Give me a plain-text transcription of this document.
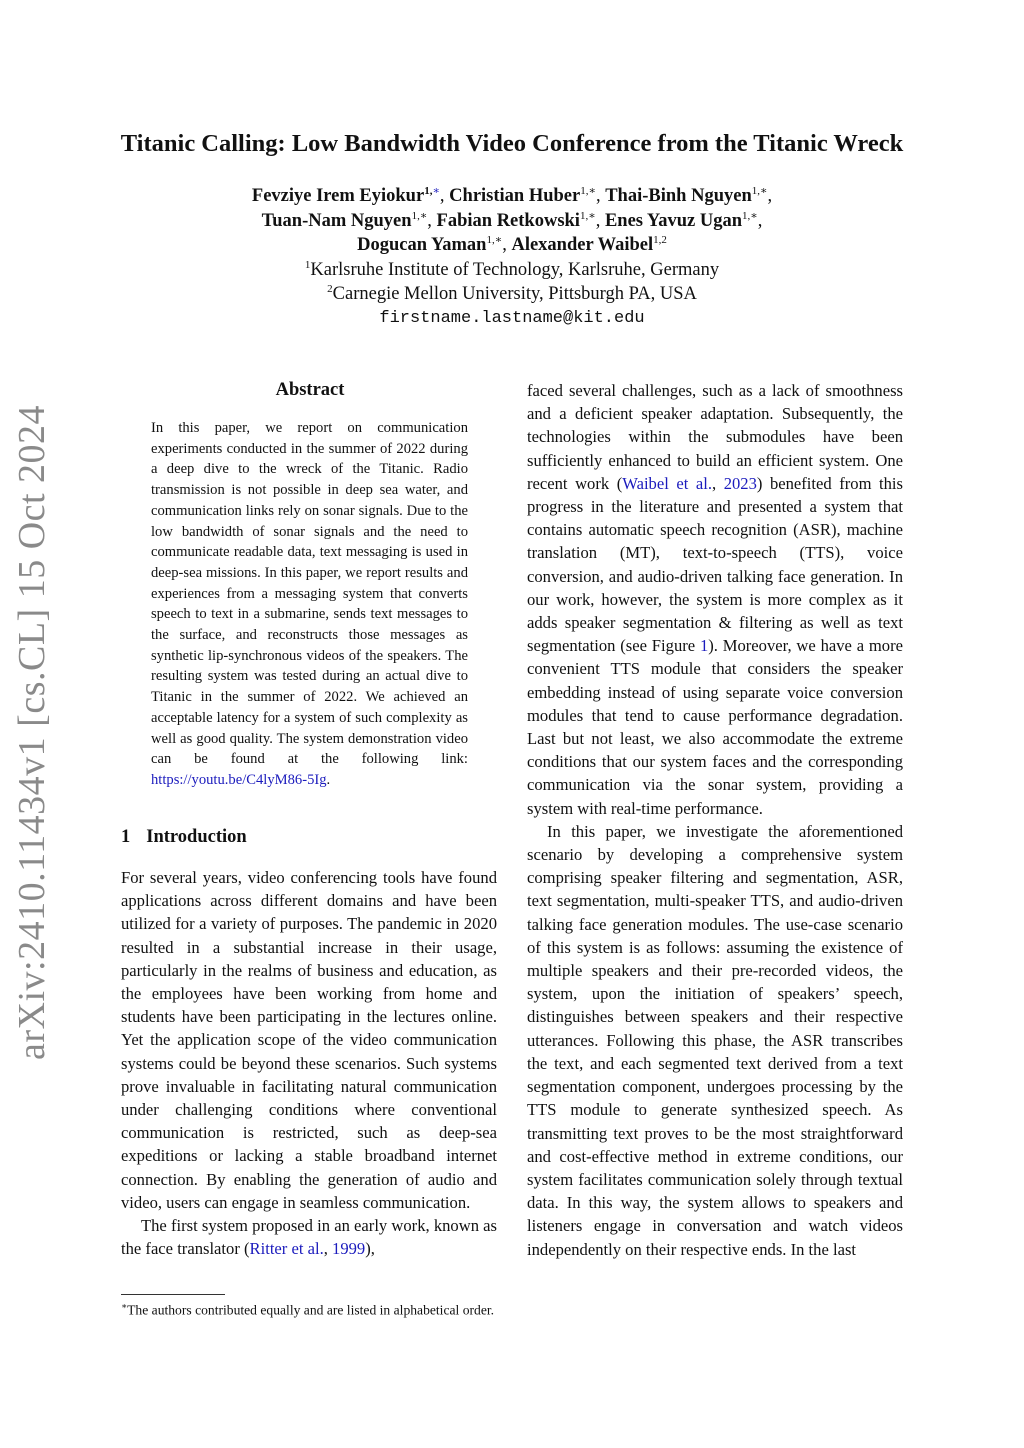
arXiv:2410.11434v1 [cs.CL] 15 Oct 2024
Titanic Calling: Low Bandwidth Video Conference from the Titanic Wreck
Fevziye Irem Eyiokur$^{1,∗}$, Christian Huber$^{1,∗}$, Thai-Binh Nguyen$^{1,∗}$,
Tuan-Nam Nguyen$^{1,∗}$, Fabian Retkowski$^{1,∗}$, Enes Yavuz Ugan$^{1,∗}$,
Dogucan Yaman$^{1,∗}$, Alexander Waibel$^{1,2}$
$^1$Karlsruhe Institute of Technology, Karlsruhe, Germany
$^2$Carnegie Mellon University, Pittsburgh PA, USA
firstname.lastname@kit.edu
Abstract
In this paper, we report on communication experiments conducted in the summer of 2022 during a deep dive to the wreck of the Titanic. Radio transmission is not possible in deep sea water, and communication links rely on sonar signals. Due to the low bandwidth of sonar signals and the need to communicate readable data, text messaging is used in deep-sea missions. In this paper, we report results and experiences from a messaging system that converts speech to text in a submarine, sends text messages to the surface, and reconstructs those messages as synthetic lip-synchronous videos of the speakers. The resulting system was tested during an actual dive to Titanic in the summer of 2022. We achieved an acceptable latency for a system of such complexity as well as good quality. The system demonstration video can be found at the following link: https://youtu.be/C4lyM86-5Ig.
1 Introduction

For several years, video conferencing tools have found applications across different domains and have been utilized for a variety of purposes. The pandemic in 2020 resulted in a substantial increase in their usage, particularly in the realms of business and education, as the employees have been working from home and students have been participating in the lectures online. Yet the application scope of the video communication systems could be beyond these scenarios. Such systems prove invaluable in facilitating natural communication under challenging conditions where conventional communication is restricted, such as deep-sea expeditions or lacking a stable broadband internet connection. By enabling the generation of audio and video, users can engage in seamless communication.

The first system proposed in an early work, known as the face translator (Ritter et al., 1999),

faced several challenges, such as a lack of smoothness and a deficient speaker adaptation. Subsequently, the technologies within the submodules have been sufficiently enhanced to build an efficient system. One recent work (Waibel et al., 2023) benefited from this progress in the literature and presented a system that contains automatic speech recognition (ASR), machine translation (MT), text-to-speech (TTS), voice conversion, and audio-driven talking face generation. In our work, however, the system is more complex as it adds speaker segmentation & filtering as well as text segmentation (see Figure 1). Moreover, we have a more convenient TTS module that considers the speaker embedding instead of using separate voice conversion modules that tend to cause performance degradation. Last but not least, we also accommodate the extreme conditions that our system faces and the corresponding communication via the sonar system, providing a system with real-time performance.

In this paper, we investigate the aforementioned scenario by developing a comprehensive system comprising speaker filtering and segmentation, ASR, text segmentation, multi-speaker TTS, and audio-driven talking face generation modules. The use-case scenario of this system is as follows: assuming the existence of multiple speakers and their pre-recorded videos, the system, upon the initiation of speakers’ speech, distinguishes between speakers and their respective utterances. Following this phase, the ASR transcribes the text, and each segmented text derived from a text segmentation component, undergoes processing by the TTS module to generate synthesized speech. As transmitting text proves to be the most straightforward and cost-effective method in extreme conditions, our system facilitates communication solely through textual data. In this way, the system allows to speakers and listeners engage in conversation and watch videos independently on their respective ends. In the last

∗The authors contributed equally and are listed in alphabetical order.
